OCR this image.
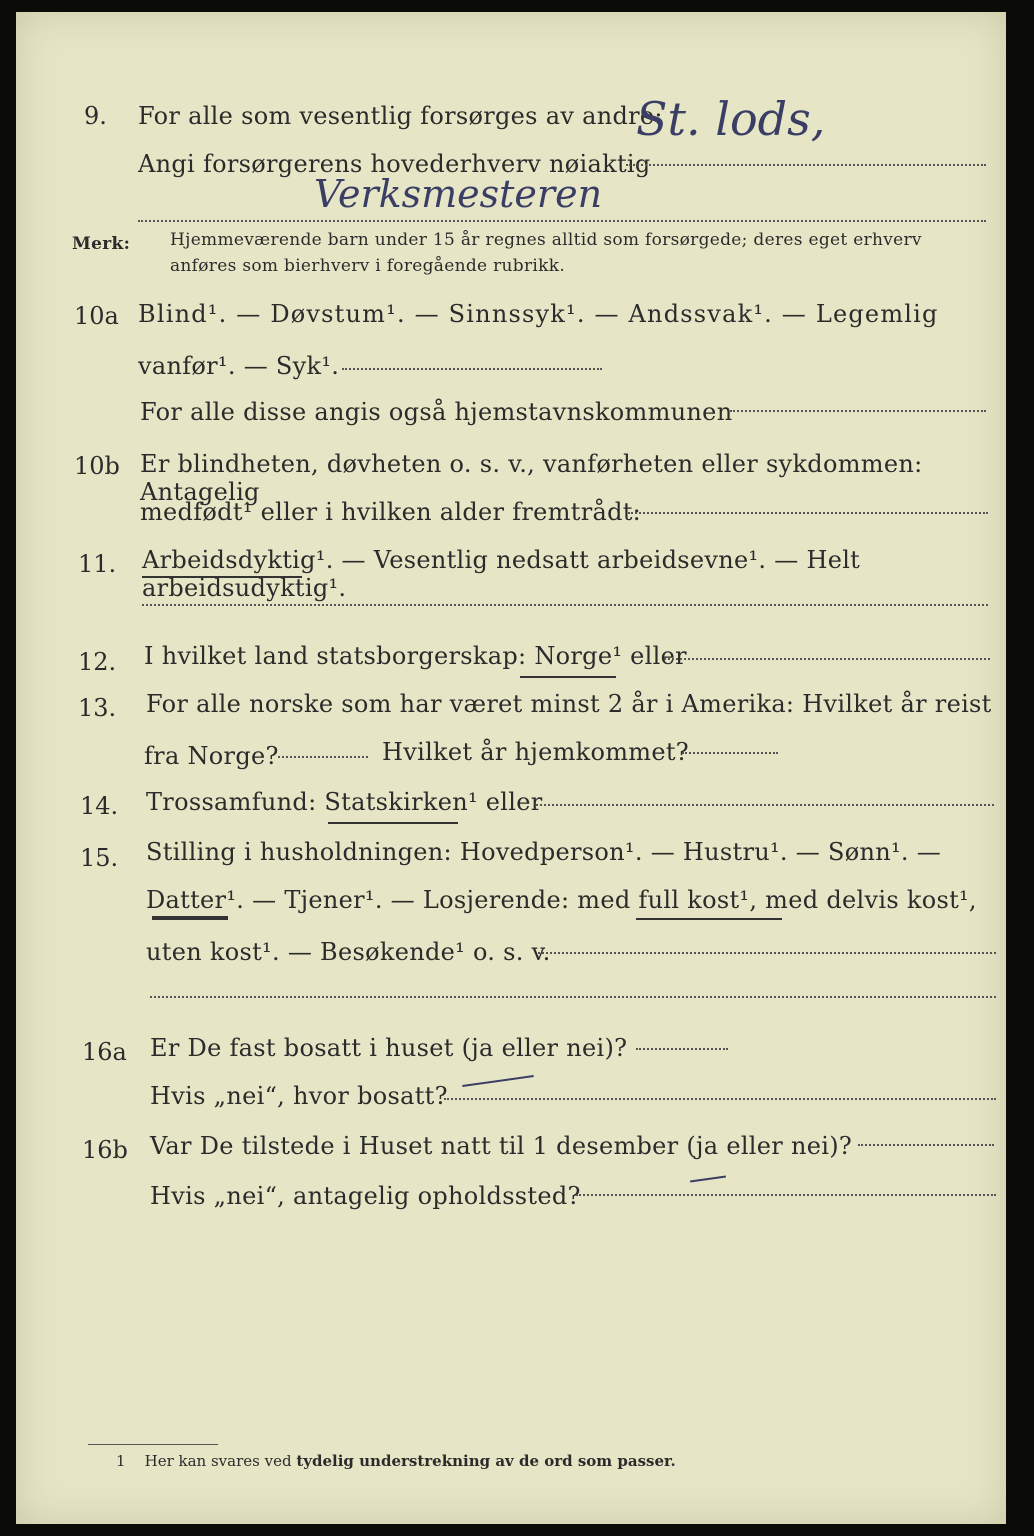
9. For alle som vesentlig forsørges av andre:
St. lods,
Angi forsørgerens hovederhverv nøiaktig
Verksmesteren
Merk: Hjemmeværende barn under 15 år regnes alltid som forsørgede; deres eget erhverv
anføres som bierhverv i foregående rubrikk.
10a Blind¹. — Døvstum¹. — Sinnssyk¹. — Andssvak¹. — Legemlig
vanfør¹. — Syk¹.
For alle disse angis også hjemstavnskommunen
10b Er blindheten, døvheten o. s. v., vanførheten eller sykdommen: Antagelig
medfødt¹ eller i hvilken alder fremtrådt:
11. Arbeidsdyktig¹. — Vesentlig nedsatt arbeidsevne¹. — Helt arbeidsudyktig¹.
12. I hvilket land statsborgerskap: Norge¹ eller
13. For alle norske som har været minst 2 år i Amerika: Hvilket år reist
fra Norge?	Hvilket år hjemkommet?
14. Trossamfund: Statskirken¹ eller
15. Stilling i husholdningen: Hovedperson¹. — Hustru¹. — Sønn¹. —
Datter¹. — Tjener¹. — Losjerende: med full kost¹, med delvis kost¹,
uten kost¹. — Besøkende¹ o. s. v.
16a Er De fast bosatt i huset (ja eller nei)?
Hvis „nei“, hvor bosatt?
16b Var De tilstede i Huset natt til 1 desember (ja eller nei)?
Hvis „nei“, antagelig opholdssted?
1 Her kan svares ved tydelig understrekning av de ord som passer.
